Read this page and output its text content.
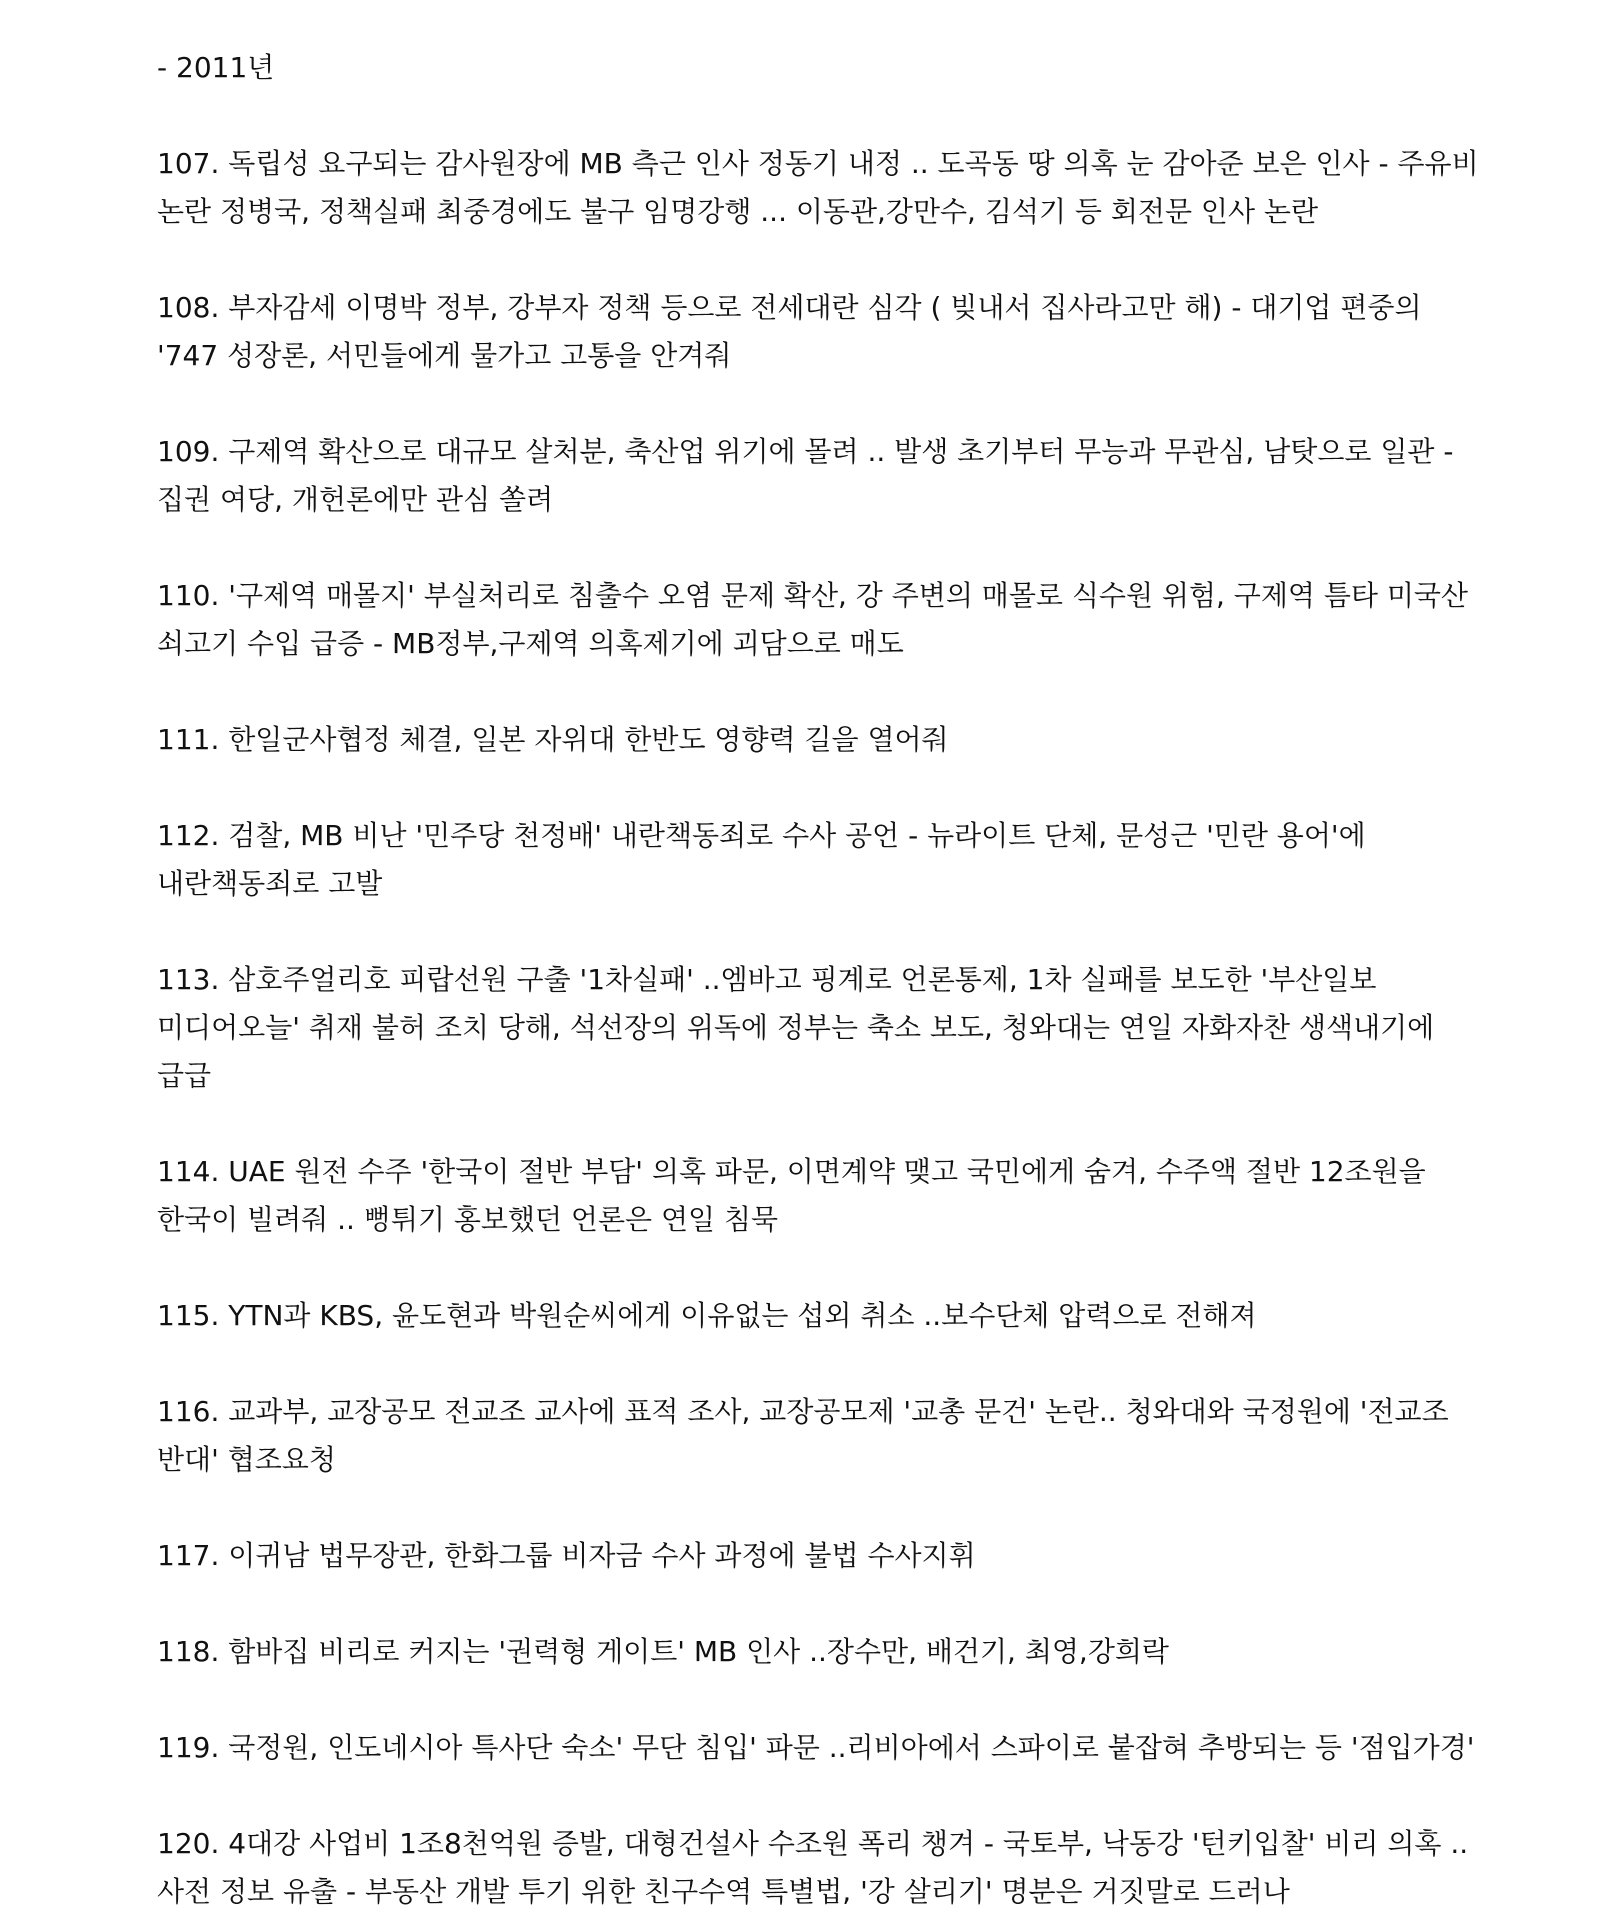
- 2011년
107. 독립성 요구되는 감사원장에 MB 측근 인사 정동기 내정 .. 도곡동 땅 의혹 눈 감아준 보은 인사 - 주유비 논란 정병국, 정책실패 최중경에도 불구 임명강행 ... 이동관,강만수, 김석기 등 회전문 인사 논란
108. 부자감세 이명박 정부, 강부자 정책 등으로 전세대란 심각 ( 빚내서 집사라고만 해) - 대기업 편중의 '747 성장론, 서민들에게 물가고 고통을 안겨줘
109. 구제역 확산으로 대규모 살처분, 축산업 위기에 몰려 .. 발생 초기부터 무능과 무관심, 남탓으로 일관 - 집권 여당, 개헌론에만 관심 쏠려
110. '구제역 매몰지' 부실처리로 침출수 오염 문제 확산, 강 주변의 매몰로 식수원 위험, 구제역 틈타 미국산 쇠고기 수입 급증 - MB정부,구제역 의혹제기에 괴담으로 매도
111. 한일군사협정 체결, 일본 자위대 한반도 영향력 길을 열어줘
112. 검찰, MB 비난 '민주당 천정배' 내란책동죄로 수사 공언 - 뉴라이트 단체, 문성근 '민란 용어'에 내란책동죄로 고발
113. 삼호주얼리호 피랍선원 구출 '1차실패' ..엠바고 핑계로 언론통제, 1차 실패를 보도한 '부산일보 미디어오늘' 취재 불허 조치 당해, 석선장의 위독에 정부는 축소 보도, 청와대는 연일 자화자찬 생색내기에 급급
114. UAE 원전 수주 '한국이 절반 부담' 의혹 파문, 이면계약 맺고 국민에게 숨겨, 수주액 절반 12조원을 한국이 빌려줘 .. 뻥튀기 홍보했던 언론은 연일 침묵
115. YTN과 KBS, 윤도현과 박원순씨에게 이유없는 섭외 취소 ..보수단체 압력으로 전해져
116. 교과부, 교장공모 전교조 교사에 표적 조사, 교장공모제 '교총 문건' 논란.. 청와대와 국정원에 '전교조 반대' 협조요청
117. 이귀남 법무장관, 한화그룹 비자금 수사 과정에 불법 수사지휘
118. 함바집 비리로 커지는 '권력형 게이트' MB 인사 ..장수만, 배건기, 최영,강희락
119. 국정원, 인도네시아 특사단 숙소' 무단 침입' 파문 ..리비아에서 스파이로 붙잡혀 추방되는 등 '점입가경'
120. 4대강 사업비 1조8천억원 증발, 대형건설사 수조원 폭리 챙겨 - 국토부, 낙동강 '턴키입찰' 비리 의혹 .. 사전 정보 유출 - 부동산 개발 투기 위한 친구수역 특별법, '강 살리기' 명분은 거짓말로 드러나
